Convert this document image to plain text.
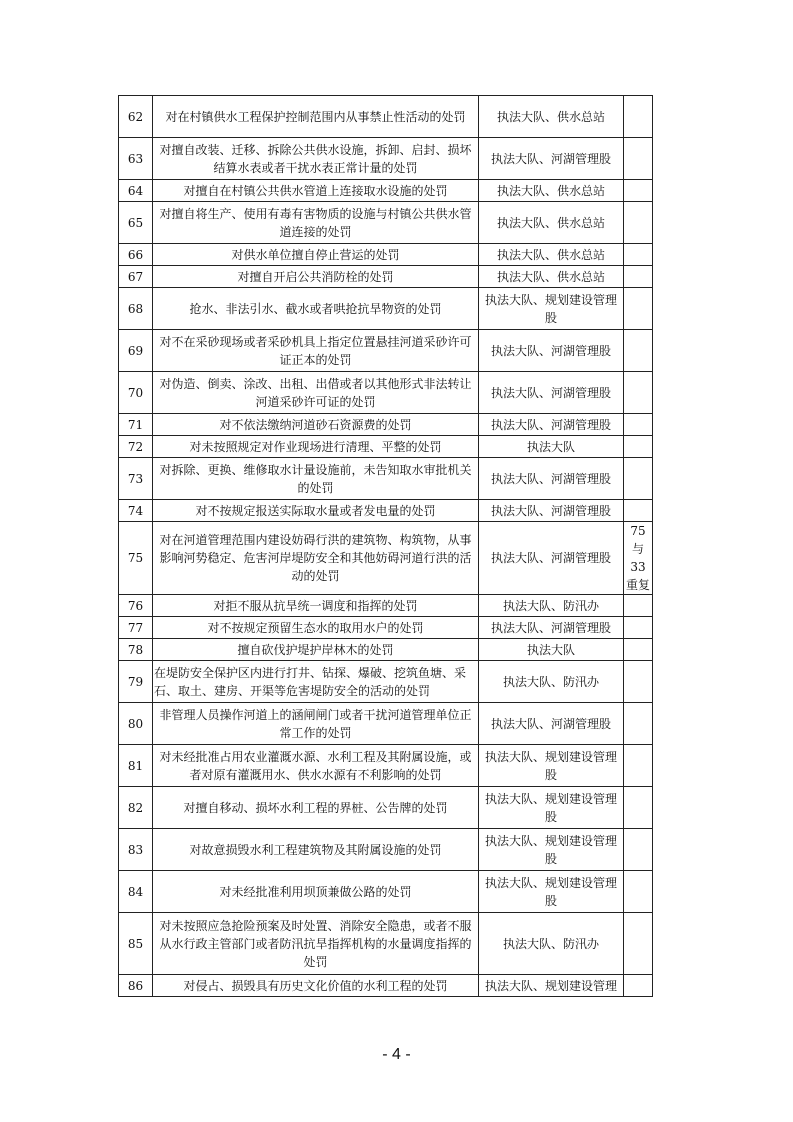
62	对在村镇供水工程保护控制范围内从事禁止性活动的处罚	执法大队、供水总站	
63	对擅自改装、迁移、拆除公共供水设施，拆卸、启封、损坏结算水表或者干扰水表正常计量的处罚	执法大队、河湖管理股	
64	对擅自在村镇公共供水管道上连接取水设施的处罚	执法大队、供水总站	
65	对擅自将生产、使用有毒有害物质的设施与村镇公共供水管道连接的处罚	执法大队、供水总站	
66	对供水单位擅自停止营运的处罚	执法大队、供水总站	
67	对擅自开启公共消防栓的处罚	执法大队、供水总站	
68	抢水、非法引水、截水或者哄抢抗旱物资的处罚	执法大队、规划建设管理股	
69	对不在采砂现场或者采砂机具上指定位置悬挂河道采砂许可证正本的处罚	执法大队、河湖管理股	
70	对伪造、倒卖、涂改、出租、出借或者以其他形式非法转让河道采砂许可证的处罚	执法大队、河湖管理股	
71	对不依法缴纳河道砂石资源费的处罚	执法大队、河湖管理股	
72	对未按照规定对作业现场进行清理、平整的处罚	执法大队	
73	对拆除、更换、维修取水计量设施前，未告知取水审批机关的处罚	执法大队、河湖管理股	
74	对不按规定报送实际取水量或者发电量的处罚	执法大队、河湖管理股	
75	对在河道管理范围内建设妨碍行洪的建筑物、构筑物，从事影响河势稳定、危害河岸堤防安全和其他妨碍河道行洪的活动的处罚	执法大队、河湖管理股	75与33重复
76	对拒不服从抗旱统一调度和指挥的处罚	执法大队、防汛办	
77	对不按规定预留生态水的取用水户的处罚	执法大队、河湖管理股	
78	擅自砍伐护堤护岸林木的处罚	执法大队	
79	在堤防安全保护区内进行打井、钻探、爆破、挖筑鱼塘、采石、取土、建房、开渠等危害堤防安全的活动的处罚	执法大队、防汛办	
80	非管理人员操作河道上的涵闸闸门或者干扰河道管理单位正常工作的处罚	执法大队、河湖管理股	
81	对未经批准占用农业灌溉水源、水利工程及其附属设施，或者对原有灌溉用水、供水水源有不利影响的处罚	执法大队、规划建设管理股	
82	对擅自移动、损坏水利工程的界桩、公告牌的处罚	执法大队、规划建设管理股	
83	对故意损毁水利工程建筑物及其附属设施的处罚	执法大队、规划建设管理股	
84	对未经批准利用坝顶兼做公路的处罚	执法大队、规划建设管理股	
85	对未按照应急抢险预案及时处置、消除安全隐患，或者不服从水行政主管部门或者防汛抗旱指挥机构的水量调度指挥的处罚	执法大队、防汛办	
86	对侵占、损毁具有历史文化价值的水利工程的处罚	执法大队、规划建设管理	
- 4 -
